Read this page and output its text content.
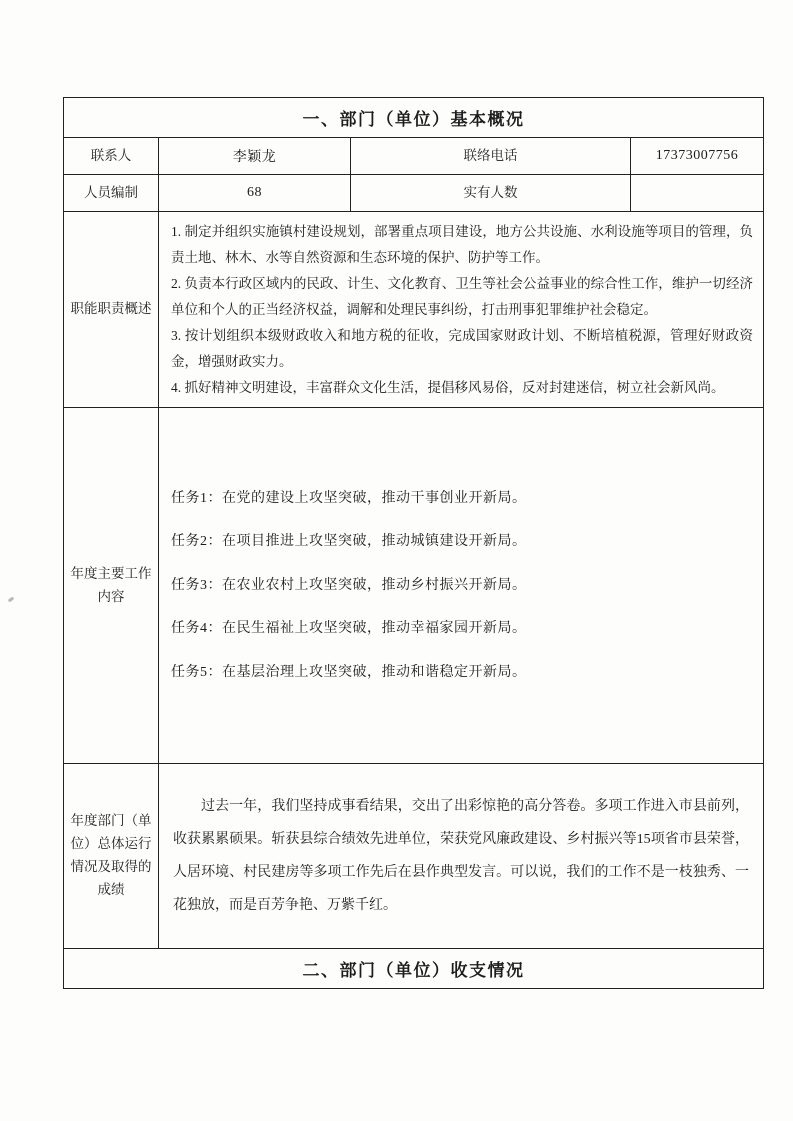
一、部门（单位）基本概况			
联系人	李颖龙	联络电话	17373007756
人员编制	68	实有人数	
职能职责概述	1. 制定并组织实施镇村建设规划，部署重点项目建设，地方公共设施、水利设施等项目的管理，负责土地、林木、水等自然资源和生态环境的保护、防护等工作。

2. 负责本行政区域内的民政、计生、文化教育、卫生等社会公益事业的综合性工作，维护一切经济单位和个人的正当经济权益，调解和处理民事纠纷，打击刑事犯罪维护社会稳定。

3. 按计划组织本级财政收入和地方税的征收，完成国家财政计划、不断培植税源，管理好财政资金，增强财政实力。

4. 抓好精神文明建设，丰富群众文化生活，提倡移风易俗，反对封建迷信，树立社会新风尚。		

年度主要工作内容	任务1：在党的建设上攻坚突破，推动干事创业开新局。

任务2：在项目推进上攻坚突破，推动城镇建设开新局。

任务3：在农业农村上攻坚突破，推动乡村振兴开新局。

任务4：在民生福祉上攻坚突破，推动幸福家园开新局。

任务5：在基层治理上攻坚突破，推动和谐稳定开新局。		

年度部门（单位）总体运行情况及取得的成绩	过去一年，我们坚持成事看结果，交出了出彩惊艳的高分答卷。多项工作进入市县前列，收获累累硕果。斩获县综合绩效先进单位，荣获党风廉政建设、乡村振兴等15项省市县荣誉，人居环境、村民建房等多项工作先后在县作典型发言。可以说，我们的工作不是一枝独秀、一花独放，而是百芳争艳、万紫千红。		

二、部门（单位）收支情况			
